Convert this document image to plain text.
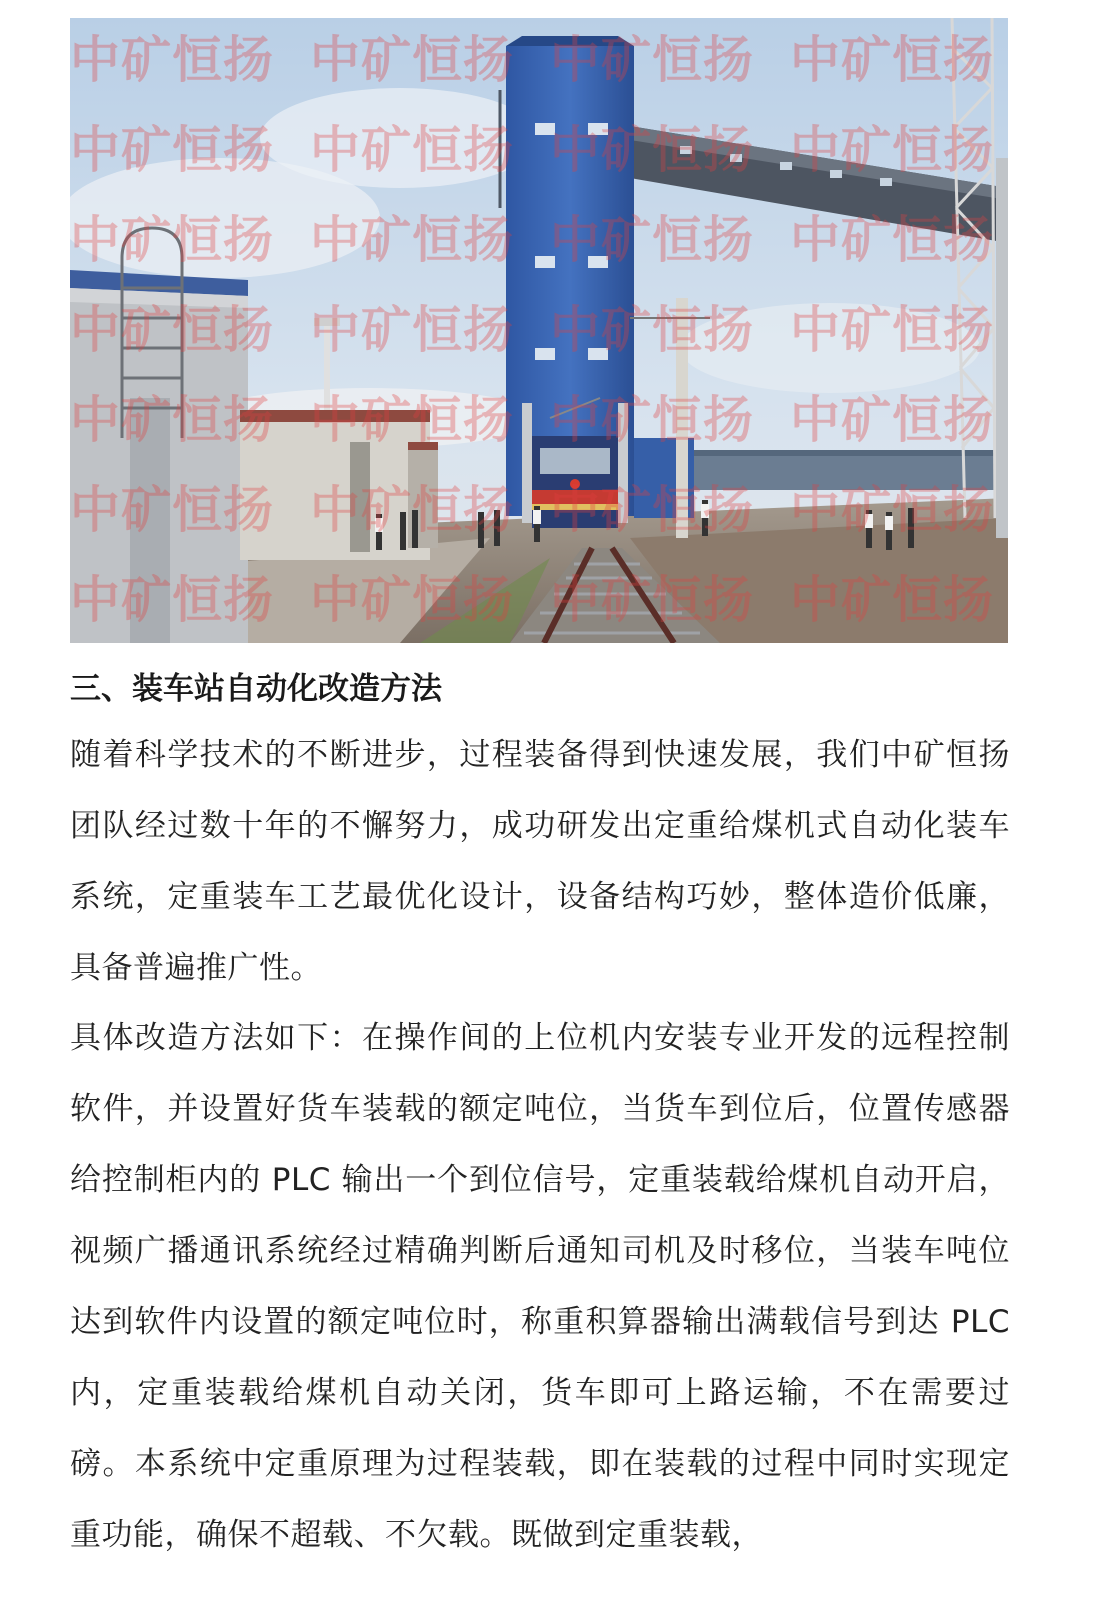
中矿恒扬 中矿恒扬 中矿恒扬 中矿恒扬
中矿恒扬 中矿恒扬 中矿恒扬 中矿恒扬
中矿恒扬 中矿恒扬 中矿恒扬 中矿恒扬
中矿恒扬 中矿恒扬 中矿恒扬 中矿恒扬
中矿恒扬 中矿恒扬 中矿恒扬 中矿恒扬
中矿恒扬 中矿恒扬 中矿恒扬 中矿恒扬
中矿恒扬 中矿恒扬 中矿恒扬 中矿恒扬
三、装车站自动化改造方法

随着科学技术的不断进步，过程装备得到快速发展，我们中矿恒扬团队经过数十年的不懈努力，成功研发出定重给煤机式自动化装车系统，定重装车工艺最优化设计，设备结构巧妙，整体造价低廉，具备普遍推广性。

具体改造方法如下：在操作间的上位机内安装专业开发的远程控制软件，并设置好货车装载的额定吨位，当货车到位后，位置传感器给控制柜内的 PLC 输出一个到位信号，定重装载给煤机自动开启，视频广播通讯系统经过精确判断后通知司机及时移位，当装车吨位达到软件内设置的额定吨位时，称重积算器输出满载信号到达 PLC 内，定重装载给煤机自动关闭，货车即可上路运输，不在需要过磅。本系统中定重原理为过程装载，即在装载的过程中同时实现定重功能，确保不超载、不欠载。既做到定重装载，
